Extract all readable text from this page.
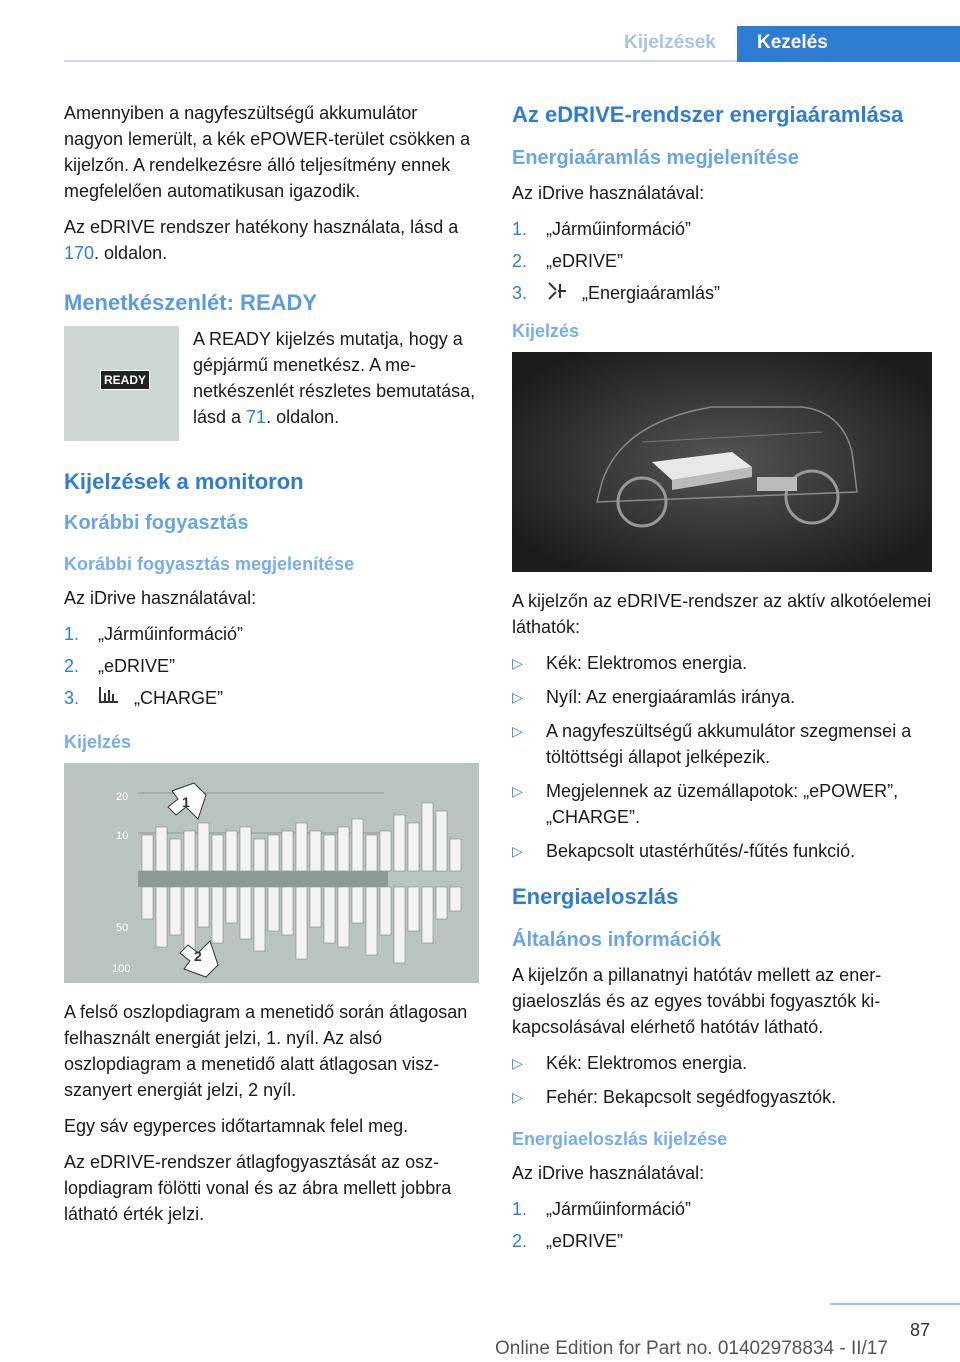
Kijelzések	Kezelés

Amennyiben a nagyfeszültségű akkumulátor nagyon lemerült, a kék ePOWER-terület csökken a kijelzőn. A rendelkezésre álló teljesítmény ennek megfelelően automatikusan igazodik.

Az eDRIVE rendszer hatékony használata, lásd a 170. oldalon.

Menetkészenlét: READY
READY

A READY kijelzés mutatja, hogy a gépjármű menetkész. A menetkészenlét részletes bemutatása, lásd a 71. oldalon.

Kijelzések a monitoron
Korábbi fogyasztás
Korábbi fogyasztás megjelenítése

Az iDrive használatával:

1.	„Járműinformáció”
2.	„eDRIVE”
3.	„CHARGE”
Kijelzés
20
10
50
100
1
2

A felső oszlopdiagram a menetidő során átlagosan felhasznált energiát jelzi, 1. nyíl. Az alsó oszlopdiagram a menetidő alatt átlagosan viszszanyert energiát jelzi, 2 nyíl.

Egy sáv egyperces időtartamnak felel meg.

Az eDRIVE-rendszer átlagfogyasztását az oszlopdiagram fölötti vonal és az ábra mellett jobbra látható érték jelzi.

Az eDRIVE-rendszer energiaáramlása
Energiaáramlás megjelenítése

Az iDrive használatával:

1.	„Járműinformáció”
2.	„eDRIVE”
3.	„Energiaáramlás”
Kijelzés

A kijelzőn az eDRIVE-rendszer az aktív alkotóelemei láthatók:

▷	Kék: Elektromos energia.
▷	Nyíl: Az energiaáramlás iránya.
▷	A nagyfeszültségű akkumulátor szegmensei a töltöttségi állapot jelképezik.
▷	Megjelennek az üzemállapotok: „ePOWER”, „CHARGE”.
▷	Bekapcsolt utastérhűtés/-fűtés funkció.
Energiaeloszlás
Általános információk

A kijelzőn a pillanatnyi hatótáv mellett az energiaeloszlás és az egyes további fogyasztók kikapcsolásával elérhető hatótáv látható.

▷	Kék: Elektromos energia.
▷	Fehér: Bekapcsolt segédfogyasztók.
Energiaeloszlás kijelzése

Az iDrive használatával:

1.	„Járműinformáció”
2.	„eDRIVE”
87
Online Edition for Part no. 01402978834 - II/17
